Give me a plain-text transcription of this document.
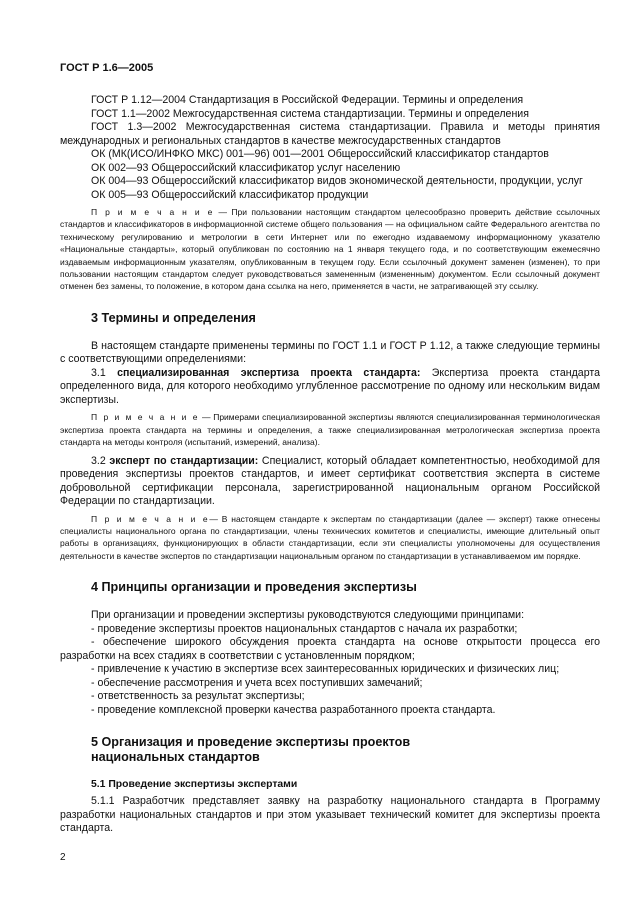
ГОСТ Р 1.6—2005

ГОСТ Р 1.12—2004 Стандартизация в Российской Федерации. Термины и определения

ГОСТ 1.1—2002 Межгосударственная система стандартизации. Термины и определения

ГОСТ 1.3—2002 Межгосударственная система стандартизации. Правила и методы принятия международных и региональных стандартов в качестве межгосударственных стандартов

ОК (МК(ИСО/ИНФКО МКС) 001—96) 001—2001 Общероссийский классификатор стандартов

ОК 002—93 Общероссийский классификатор услуг населению

ОК 004—93 Общероссийский классификатор видов экономической деятельности, продукции, услуг

ОК 005—93 Общероссийский классификатор продукции

П р и м е ч а н и е — При пользовании настоящим стандартом целесообразно проверить действие ссылочных стандартов и классификаторов в информационной системе общего пользования — на официальном сайте Федерального агентства по техническому регулированию и метрологии в сети Интернет или по ежегодно издаваемому информационному указателю «Национальные стандарты», который опубликован по состоянию на 1 января текущего года, и по соответствующим ежемесячно издаваемым информационным указателям, опубликованным в текущем году. Если ссылочный документ заменен (изменен), то при пользовании настоящим стандартом следует руководствоваться замененным (измененным) документом. Если ссылочный документ отменен без замены, то положение, в котором дана ссылка на него, применяется в части, не затрагивающей эту ссылку.

3 Термины и определения

В настоящем стандарте применены термины по ГОСТ 1.1 и ГОСТ Р 1.12, а также следующие термины с соответствующими определениями:

3.1 специализированная экспертиза проекта стандарта: Экспертиза проекта стандарта определенного вида, для которого необходимо углубленное рассмотрение по одному или нескольким видам экспертизы.

П р и м е ч а н и е — Примерами специализированной экспертизы являются специализированная терминологическая экспертиза проекта стандарта на термины и определения, а также специализированная метрологическая экспертиза проекта стандарта на методы контроля (испытаний, измерений, анализа).

3.2 эксперт по стандартизации: Специалист, который обладает компетентностью, необходимой для проведения экспертизы проектов стандартов, и имеет сертификат соответствия эксперта в системе добровольной сертификации персонала, зарегистрированной национальным органом Российской Федерации по стандартизации.

П р и м е ч а н и е— В настоящем стандарте к экспертам по стандартизации (далее — эксперт) также отнесены специалисты национального органа по стандартизации, члены технических комитетов и специалисты, имеющие длительный опыт работы в организациях, функционирующих в области стандартизации, если эти специалисты уполномочены для осуществления деятельности в качестве экспертов по стандартизации национальным органом по стандартизации в устанавливаемом им порядке.

4 Принципы организации и проведения экспертизы

При организации и проведении экспертизы руководствуются следующими принципами:

- проведение экспертизы проектов национальных стандартов с начала их разработки;

- обеспечение широкого обсуждения проекта стандарта на основе открытости процесса его разработки на всех стадиях в соответствии с установленным порядком;

- привлечение к участию в экспертизе всех заинтересованных юридических и физических лиц;

- обеспечение рассмотрения и учета всех поступивших замечаний;

- ответственность за результат экспертизы;

- проведение комплексной проверки качества разработанного проекта стандарта.

5 Организация и проведение экспертизы проектов
национальных стандартов
5.1 Проведение экспертизы экспертами

5.1.1 Разработчик представляет заявку на разработку национального стандарта в Программу разработки национальных стандартов и при этом указывает технический комитет для экспертизы проекта стандарта.

2
